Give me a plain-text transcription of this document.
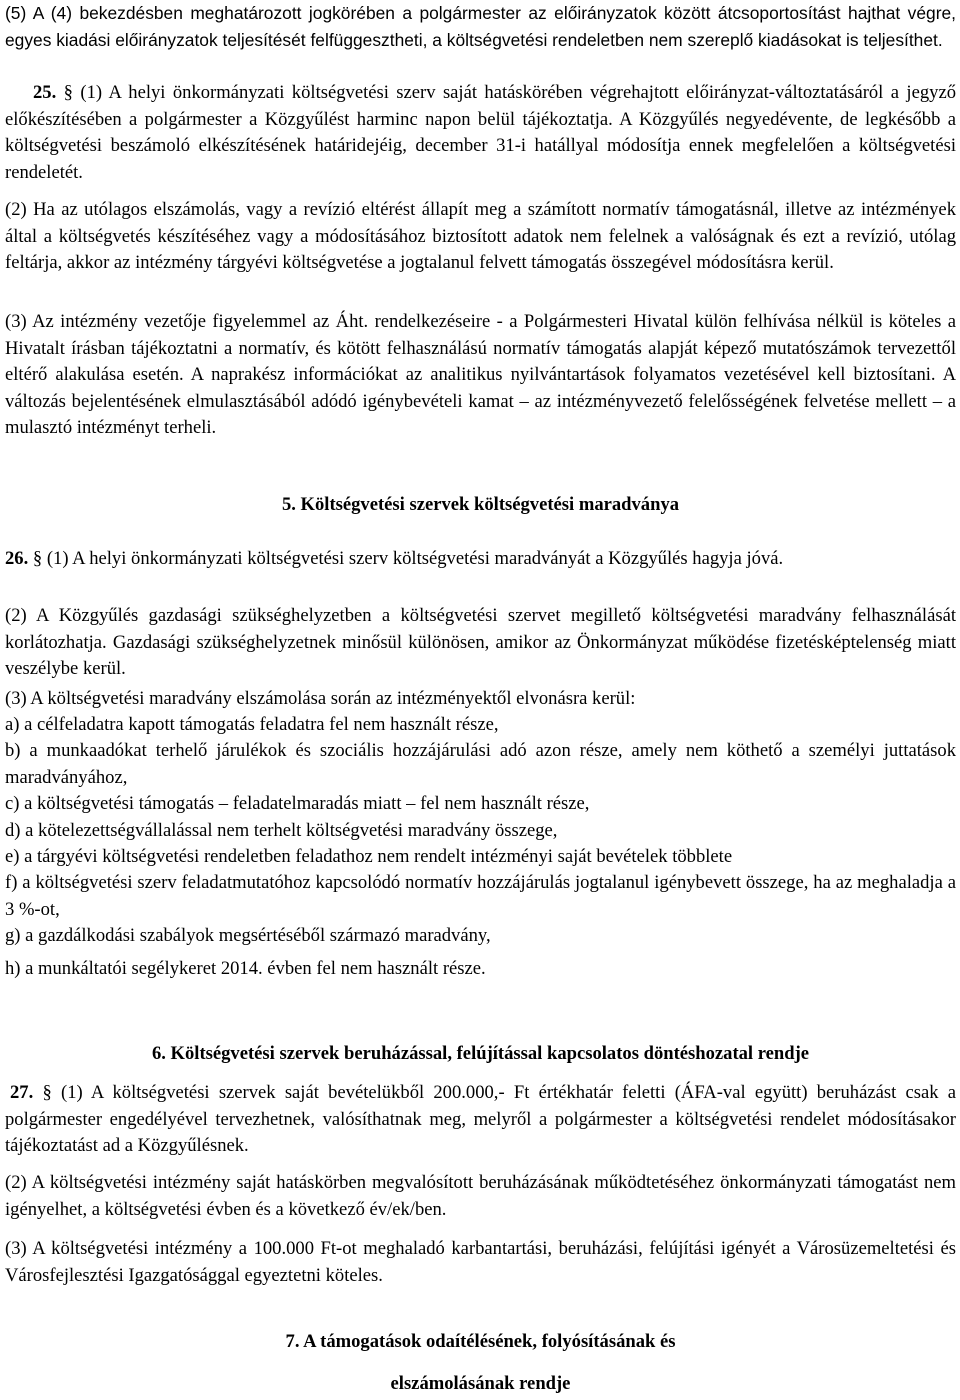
(5) A (4) bekezdésben meghatározott jogkörében a polgármester az előirányzatok között átcsoportosítást hajthat végre, egyes kiadási előirányzatok teljesítését felfüggesztheti, a költségvetési rendeletben nem szereplő kiadásokat is teljesíthet.

25. § (1) A helyi önkormányzati költségvetési szerv saját hatáskörében végrehajtott előirányzat-változtatásáról a jegyző előkészítésében a polgármester a Közgyűlést harminc napon belül tájékoztatja. A Közgyűlés negyedévente, de legkésőbb a költségvetési beszámoló elkészítésének határidejéig, december 31-i hatállyal módosítja ennek megfelelően a költségvetési rendeletét.

(2) Ha az utólagos elszámolás, vagy a revízió eltérést állapít meg a számított normatív támogatásnál, illetve az intézmények által a költségvetés készítéséhez vagy a módosításához biztosított adatok nem felelnek a valóságnak és ezt a revízió, utólag feltárja, akkor az intézmény tárgyévi költségvetése a jogtalanul felvett támogatás összegével módosításra kerül.

(3) Az intézmény vezetője figyelemmel az Áht. rendelkezéseire - a Polgármesteri Hivatal külön felhívása nélkül is köteles a Hivatalt írásban tájékoztatni a normatív, és kötött felhasználású normatív támogatás alapját képező mutatószámok tervezettől eltérő alakulása esetén. A naprakész információkat az analitikus nyilvántartások folyamatos vezetésével kell biztosítani. A változás bejelentésének elmulasztásából adódó igénybevételi kamat – az intézményvezető felelősségének felvetése mellett – a mulasztó intézményt terheli.

5. Költségvetési szervek költségvetési maradványa

26. § (1) A helyi önkormányzati költségvetési szerv költségvetési maradványát a Közgyűlés hagyja jóvá.

(2) A Közgyűlés gazdasági szükséghelyzetben a költségvetési szervet megillető költségvetési maradvány felhasználását korlátozhatja. Gazdasági szükséghelyzetnek minősül különösen, amikor az Önkormányzat működése fizetésképtelenség miatt veszélybe kerül.

(3) A költségvetési maradvány elszámolása során az intézményektől elvonásra kerül:

a) a célfeladatra kapott támogatás feladatra fel nem használt része,

b) a munkaadókat terhelő járulékok és szociális hozzájárulási adó azon része, amely nem köthető a személyi juttatások maradványához,

c) a költségvetési támogatás – feladatelmaradás miatt – fel nem használt része,

d) a kötelezettségvállalással nem terhelt költségvetési maradvány összege,

e) a tárgyévi költségvetési rendeletben feladathoz nem rendelt intézményi saját bevételek többlete

f) a költségvetési szerv feladatmutatóhoz kapcsolódó normatív hozzájárulás jogtalanul igénybevett összege, ha az meghaladja a 3 %-ot,

g) a gazdálkodási szabályok megsértéséből származó maradvány,

h) a munkáltatói segélykeret 2014. évben fel nem használt része.

6. Költségvetési szervek beruházással, felújítással kapcsolatos döntéshozatal rendje

27. § (1) A költségvetési szervek saját bevételükből 200.000,- Ft értékhatár feletti (ÁFA-val együtt) beruházást csak a polgármester engedélyével tervezhetnek, valósíthatnak meg, melyről a polgármester a költségvetési rendelet módosításakor tájékoztatást ad a Közgyűlésnek.

(2) A költségvetési intézmény saját hatáskörben megvalósított beruházásának működtetéséhez önkormányzati támogatást nem igényelhet, a költségvetési évben és a következő év/ek/ben.

(3) A költségvetési intézmény a 100.000 Ft-ot meghaladó karbantartási, beruházási, felújítási igényét a Városüzemeltetési és Városfejlesztési Igazgatósággal egyeztetni köteles.

7. A támogatások odaítélésének, folyósításának és

elszámolásának rendje
